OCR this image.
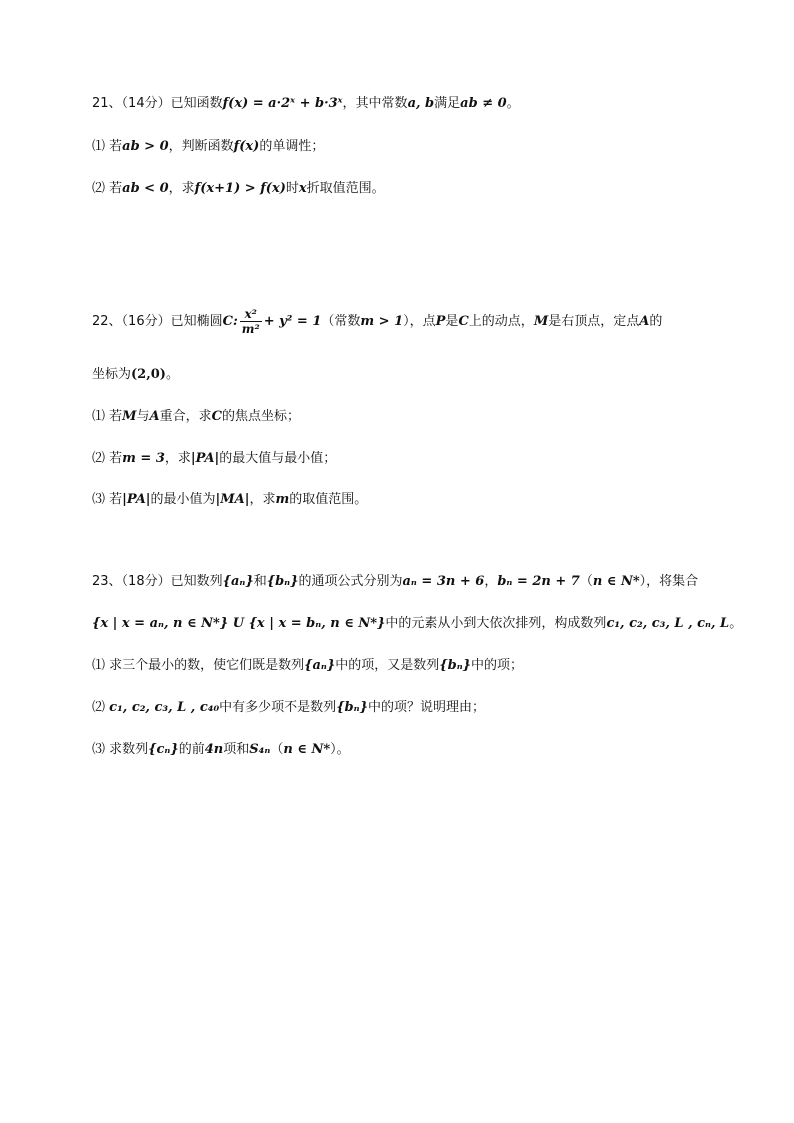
21、（14分）已知函数f(x) = a·2ˣ + b·3ˣ，其中常数a, b满足ab ≠ 0。
⑴ 若ab > 0，判断函数f(x)的单调性；
⑵ 若ab < 0，求f(x+1) > f(x)时x折取值范围。
22、（16分）已知椭圆C: $\frac{\text{x²}}{\text{m²}} + y^2 = 1$（常数m > 1），点P是C上的动点，M是右顶点，定点A的
坐标为(2,0)。
⑴ 若M与A重合，求C的焦点坐标；
⑵ 若m = 3，求|PA|的最大值与最小值；
⑶ 若|PA|的最小值为|MA|，求m的取值范围。
23、（18分）已知数列{aₙ}和{bₙ}的通项公式分别为aₙ = 3n + 6，bₙ = 2n + 7（n ∈ N*），将集合
{x | x = aₙ, n ∈ N*} U {x | x = bₙ, n ∈ N*}中的元素从小到大依次排列，构成数列c₁, c₂, c₃, L , cₙ, L。
⑴ 求三个最小的数，使它们既是数列{aₙ}中的项，又是数列{bₙ}中的项；
⑵ c₁, c₂, c₃, L , c₄₀中有多少项不是数列{bₙ}中的项？说明理由；
⑶ 求数列{cₙ}的前4n项和S₄ₙ（n ∈ N*）。
